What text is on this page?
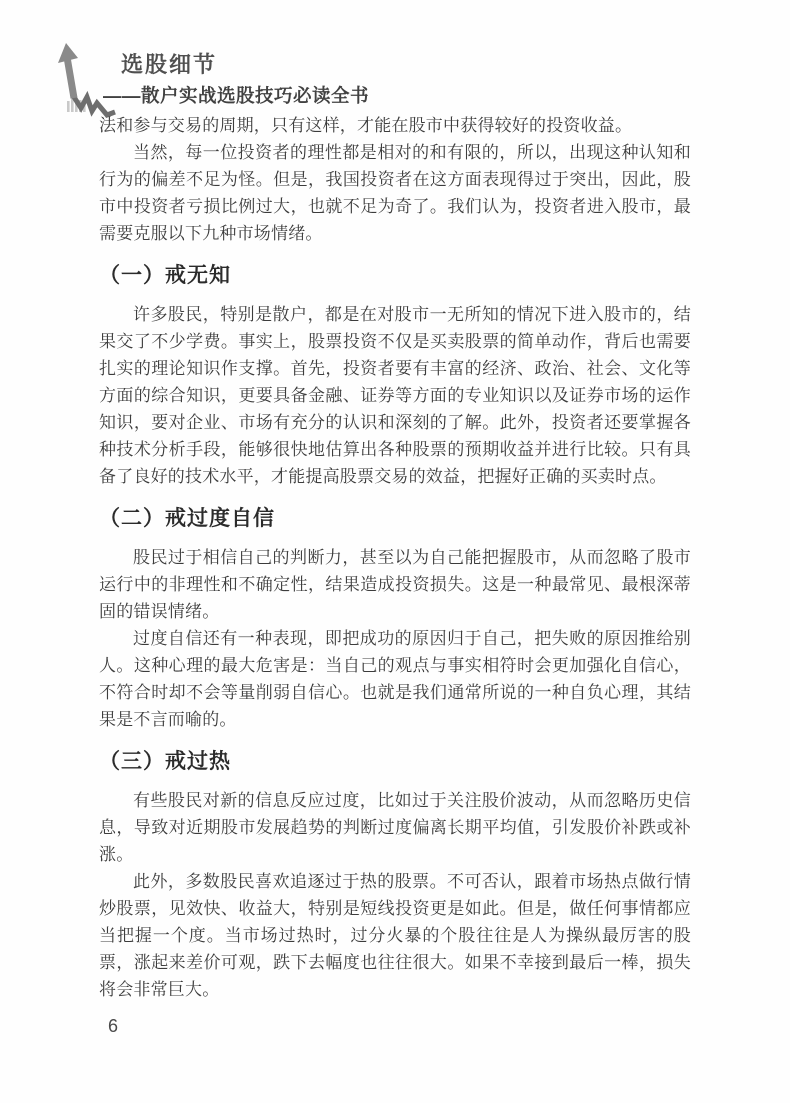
选股细节
——散户实战选股技巧必读全书

法和参与交易的周期，只有这样，才能在股市中获得较好的投资收益。

当然，每一位投资者的理性都是相对的和有限的，所以，出现这种认知和行为的偏差不足为怪。但是，我国投资者在这方面表现得过于突出，因此，股市中投资者亏损比例过大，也就不足为奇了。我们认为，投资者进入股市，最需要克服以下九种市场情绪。

（一）戒无知

许多股民，特别是散户，都是在对股市一无所知的情况下进入股市的，结果交了不少学费。事实上，股票投资不仅是买卖股票的简单动作，背后也需要扎实的理论知识作支撑。首先，投资者要有丰富的经济、政治、社会、文化等方面的综合知识，更要具备金融、证券等方面的专业知识以及证券市场的运作知识，要对企业、市场有充分的认识和深刻的了解。此外，投资者还要掌握各种技术分析手段，能够很快地估算出各种股票的预期收益并进行比较。只有具备了良好的技术水平，才能提高股票交易的效益，把握好正确的买卖时点。

（二）戒过度自信

股民过于相信自己的判断力，甚至以为自己能把握股市，从而忽略了股市运行中的非理性和不确定性，结果造成投资损失。这是一种最常见、最根深蒂固的错误情绪。

过度自信还有一种表现，即把成功的原因归于自己，把失败的原因推给别人。这种心理的最大危害是：当自己的观点与事实相符时会更加强化自信心，不符合时却不会等量削弱自信心。也就是我们通常所说的一种自负心理，其结果是不言而喻的。

（三）戒过热

有些股民对新的信息反应过度，比如过于关注股价波动，从而忽略历史信息，导致对近期股市发展趋势的判断过度偏离长期平均值，引发股价补跌或补涨。

此外，多数股民喜欢追逐过于热的股票。不可否认，跟着市场热点做行情炒股票，见效快、收益大，特别是短线投资更是如此。但是，做任何事情都应当把握一个度。当市场过热时，过分火暴的个股往往是人为操纵最厉害的股票，涨起来差价可观，跌下去幅度也往往很大。如果不幸接到最后一棒，损失将会非常巨大。

6
